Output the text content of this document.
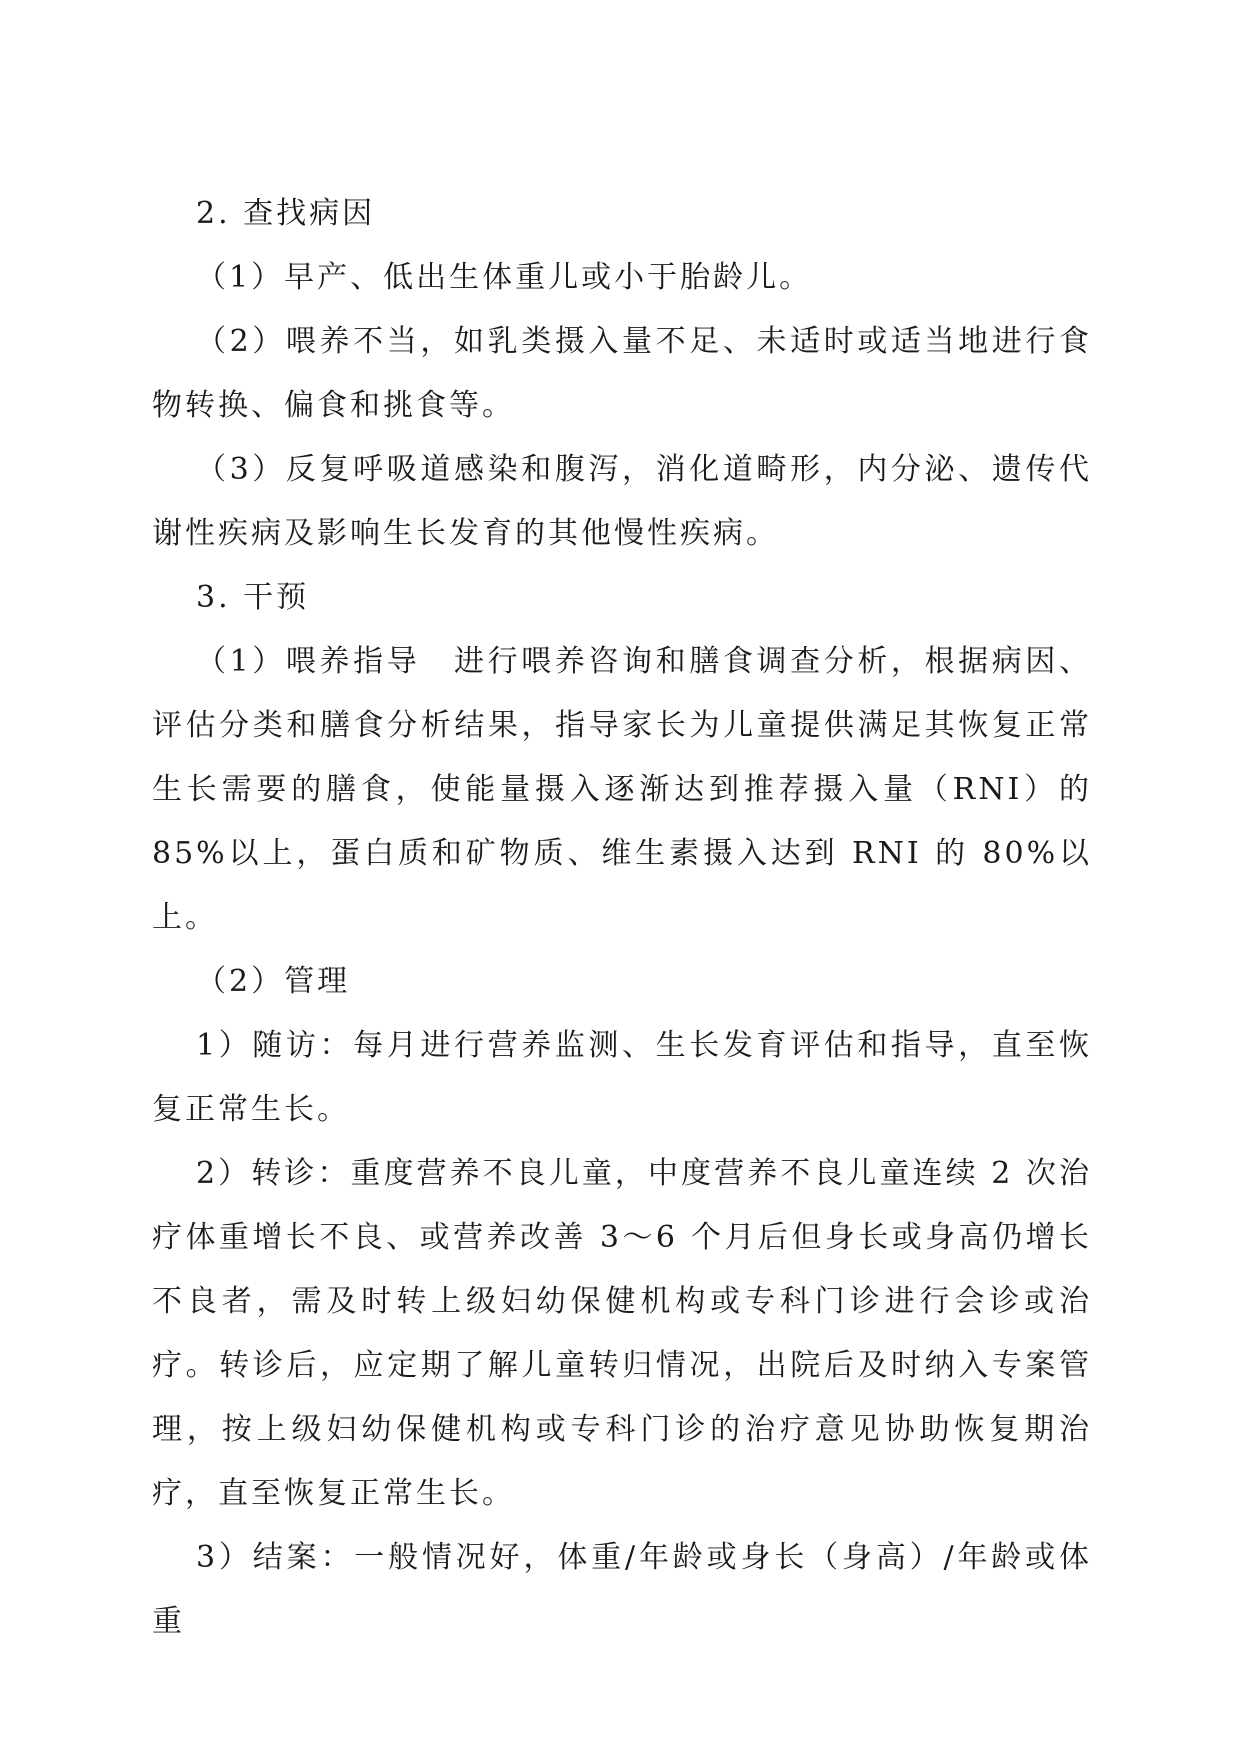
2. 查找病因

（1）早产、低出生体重儿或小于胎龄儿。

（2）喂养不当，如乳类摄入量不足、未适时或适当地进行食物转换、偏食和挑食等。

（3）反复呼吸道感染和腹泻，消化道畸形，内分泌、遗传代谢性疾病及影响生长发育的其他慢性疾病。

3. 干预

（1）喂养指导　进行喂养咨询和膳食调查分析，根据病因、评估分类和膳食分析结果，指导家长为儿童提供满足其恢复正常生长需要的膳食，使能量摄入逐渐达到推荐摄入量（RNI）的 85%以上，蛋白质和矿物质、维生素摄入达到 RNI 的 80%以上。

（2）管理

1）随访：每月进行营养监测、生长发育评估和指导，直至恢复正常生长。

2）转诊：重度营养不良儿童，中度营养不良儿童连续 2 次治疗体重增长不良、或营养改善 3～6 个月后但身长或身高仍增长不良者，需及时转上级妇幼保健机构或专科门诊进行会诊或治疗。转诊后，应定期了解儿童转归情况，出院后及时纳入专案管理，按上级妇幼保健机构或专科门诊的治疗意见协助恢复期治疗，直至恢复正常生长。

3）结案：一般情况好，体重/年龄或身长（身高）/年龄或体重
